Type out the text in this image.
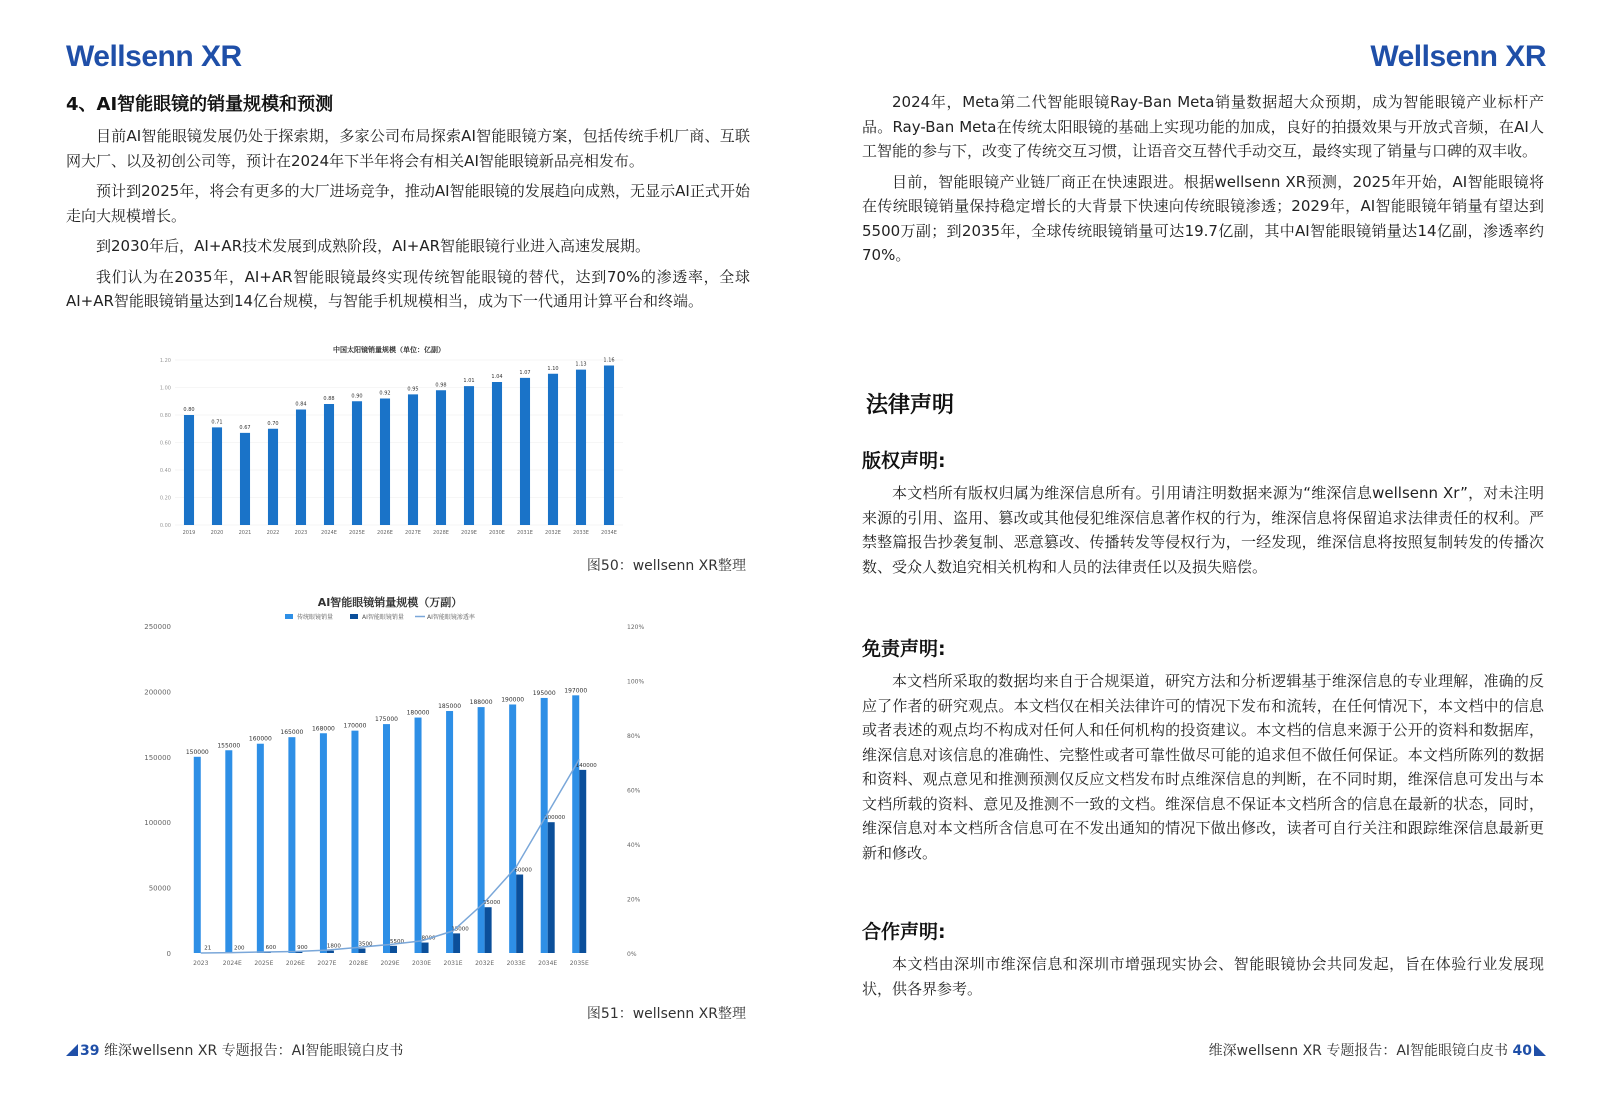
Wellsenn XR	Wellsenn XR
4、AI智能眼镜的销量规模和预测

目前AI智能眼镜发展仍处于探索期，多家公司布局探索AI智能眼镜方案，包括传统手机厂商、互联网大厂、以及初创公司等，预计在2024年下半年将会有相关AI智能眼镜新品亮相发布。

预计到2025年，将会有更多的大厂进场竞争，推动AI智能眼镜的发展趋向成熟，无显示AI正式开始走向大规模增长。

到2030年后，AI+AR技术发展到成熟阶段，AI+AR智能眼镜行业进入高速发展期。

我们认为在2035年，AI+AR智能眼镜最终实现传统智能眼镜的替代，达到70%的渗透率，全球AI+AR智能眼镜销量达到14亿台规模，与智能手机规模相当，成为下一代通用计算平台和终端。

中国太阳镜销量规模（单位：亿副）
0.00
0.20
0.40
0.60
0.80
1.00
1.20
0.80
2019
0.71
2020
0.67
2021
0.70
2022
0.84
2023
0.88
2024E
0.90
2025E
0.92
2026E
0.95
2027E
0.98
2028E
1.01
2029E
1.04
2030E
1.07
2031E
1.10
2032E
1.13
2033E
1.16
2034E

图50：wellsenn XR整理

AI智能眼镜销量规模（万副）
传统眼镜销量	AI智能眼镜销量	AI智能眼镜渗透率
0
50000
100000
150000
200000
250000
0%
20%
40%
60%
80%
100%
120%
150000
21
2023
155000
200
2024E
160000
600
2025E
165000
900
2026E
168000
1800
2027E
170000
3500
2028E
175000
5500
2029E
180000
8000
2030E
185000
15000
2031E
188000
35000
2032E
190000
60000
2033E
195000
100000
2034E
197000
140000
2035E

图51：wellsenn XR整理

2024年，Meta第二代智能眼镜Ray-Ban Meta销量数据超大众预期，成为智能眼镜产业标杆产品。Ray-Ban Meta在传统太阳眼镜的基础上实现功能的加成，良好的拍摄效果与开放式音频，在AI人工智能的参与下，改变了传统交互习惯，让语音交互替代手动交互，最终实现了销量与口碑的双丰收。

目前，智能眼镜产业链厂商正在快速跟进。根据wellsenn XR预测，2025年开始，AI智能眼镜将在传统眼镜销量保持稳定增长的大背景下快速向传统眼镜渗透；2029年，AI智能眼镜年销量有望达到5500万副；到2035年，全球传统眼镜销量可达19.7亿副，其中AI智能眼镜销量达14亿副，渗透率约70%。

法律声明

版权声明:

本文档所有版权归属为维深信息所有。引用请注明数据来源为“维深信息wellsenn Xr”，对未注明来源的引用、盗用、篡改或其他侵犯维深信息著作权的行为，维深信息将保留追求法律责任的权利。严禁整篇报告抄袭复制、恶意篡改、传播转发等侵权行为，一经发现，维深信息将按照复制转发的传播次数、受众人数追究相关机构和人员的法律责任以及损失赔偿。

免责声明:

本文档所采取的数据均来自于合规渠道，研究方法和分析逻辑基于维深信息的专业理解，准确的反应了作者的研究观点。本文档仅在相关法律许可的情况下发布和流转，在任何情况下，本文档中的信息或者表述的观点均不构成对任何人和任何机构的投资建议。本文档的信息来源于公开的资料和数据库，维深信息对该信息的准确性、完整性或者可靠性做尽可能的追求但不做任何保证。本文档所陈列的数据和资料、观点意见和推测预测仅反应文档发布时点维深信息的判断，在不同时期，维深信息可发出与本文档所载的资料、意见及推测不一致的文档。维深信息不保证本文档所含的信息在最新的状态，同时，维深信息对本文档所含信息可在不发出通知的情况下做出修改，读者可自行关注和跟踪维深信息最新更新和修改。

合作声明:

本文档由深圳市维深信息和深圳市增强现实协会、智能眼镜协会共同发起，旨在体验行业发展现状，供各界参考。

39 维深wellsenn XR 专题报告：AI智能眼镜白皮书	维深wellsenn XR 专题报告：AI智能眼镜白皮书 40
